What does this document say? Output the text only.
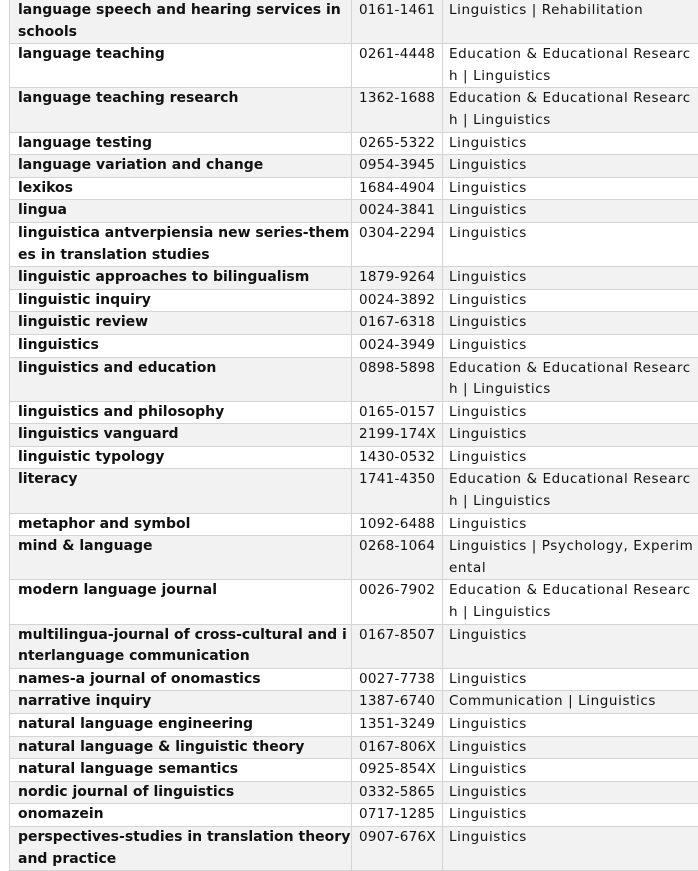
language speech and hearing services in schools	0161-1461	Linguistics | Rehabilitation
language teaching	0261-4448	Education & Educational Research | Linguistics
language teaching research	1362-1688	Education & Educational Research | Linguistics
language testing	0265-5322	Linguistics
language variation and change	0954-3945	Linguistics
lexikos	1684-4904	Linguistics
lingua	0024-3841	Linguistics
linguistica antverpiensia new series-themes in translation studies	0304-2294	Linguistics
linguistic approaches to bilingualism	1879-9264	Linguistics
linguistic inquiry	0024-3892	Linguistics
linguistic review	0167-6318	Linguistics
linguistics	0024-3949	Linguistics
linguistics and education	0898-5898	Education & Educational Research | Linguistics
linguistics and philosophy	0165-0157	Linguistics
linguistics vanguard	2199-174X	Linguistics
linguistic typology	1430-0532	Linguistics
literacy	1741-4350	Education & Educational Research | Linguistics
metaphor and symbol	1092-6488	Linguistics
mind & language	0268-1064	Linguistics | Psychology, Experimental
modern language journal	0026-7902	Education & Educational Research | Linguistics
multilingua-journal of cross-cultural and interlanguage communication	0167-8507	Linguistics
names-a journal of onomastics	0027-7738	Linguistics
narrative inquiry	1387-6740	Communication | Linguistics
natural language engineering	1351-3249	Linguistics
natural language & linguistic theory	0167-806X	Linguistics
natural language semantics	0925-854X	Linguistics
nordic journal of linguistics	0332-5865	Linguistics
onomazein	0717-1285	Linguistics
perspectives-studies in translation theory and practice	0907-676X	Linguistics
